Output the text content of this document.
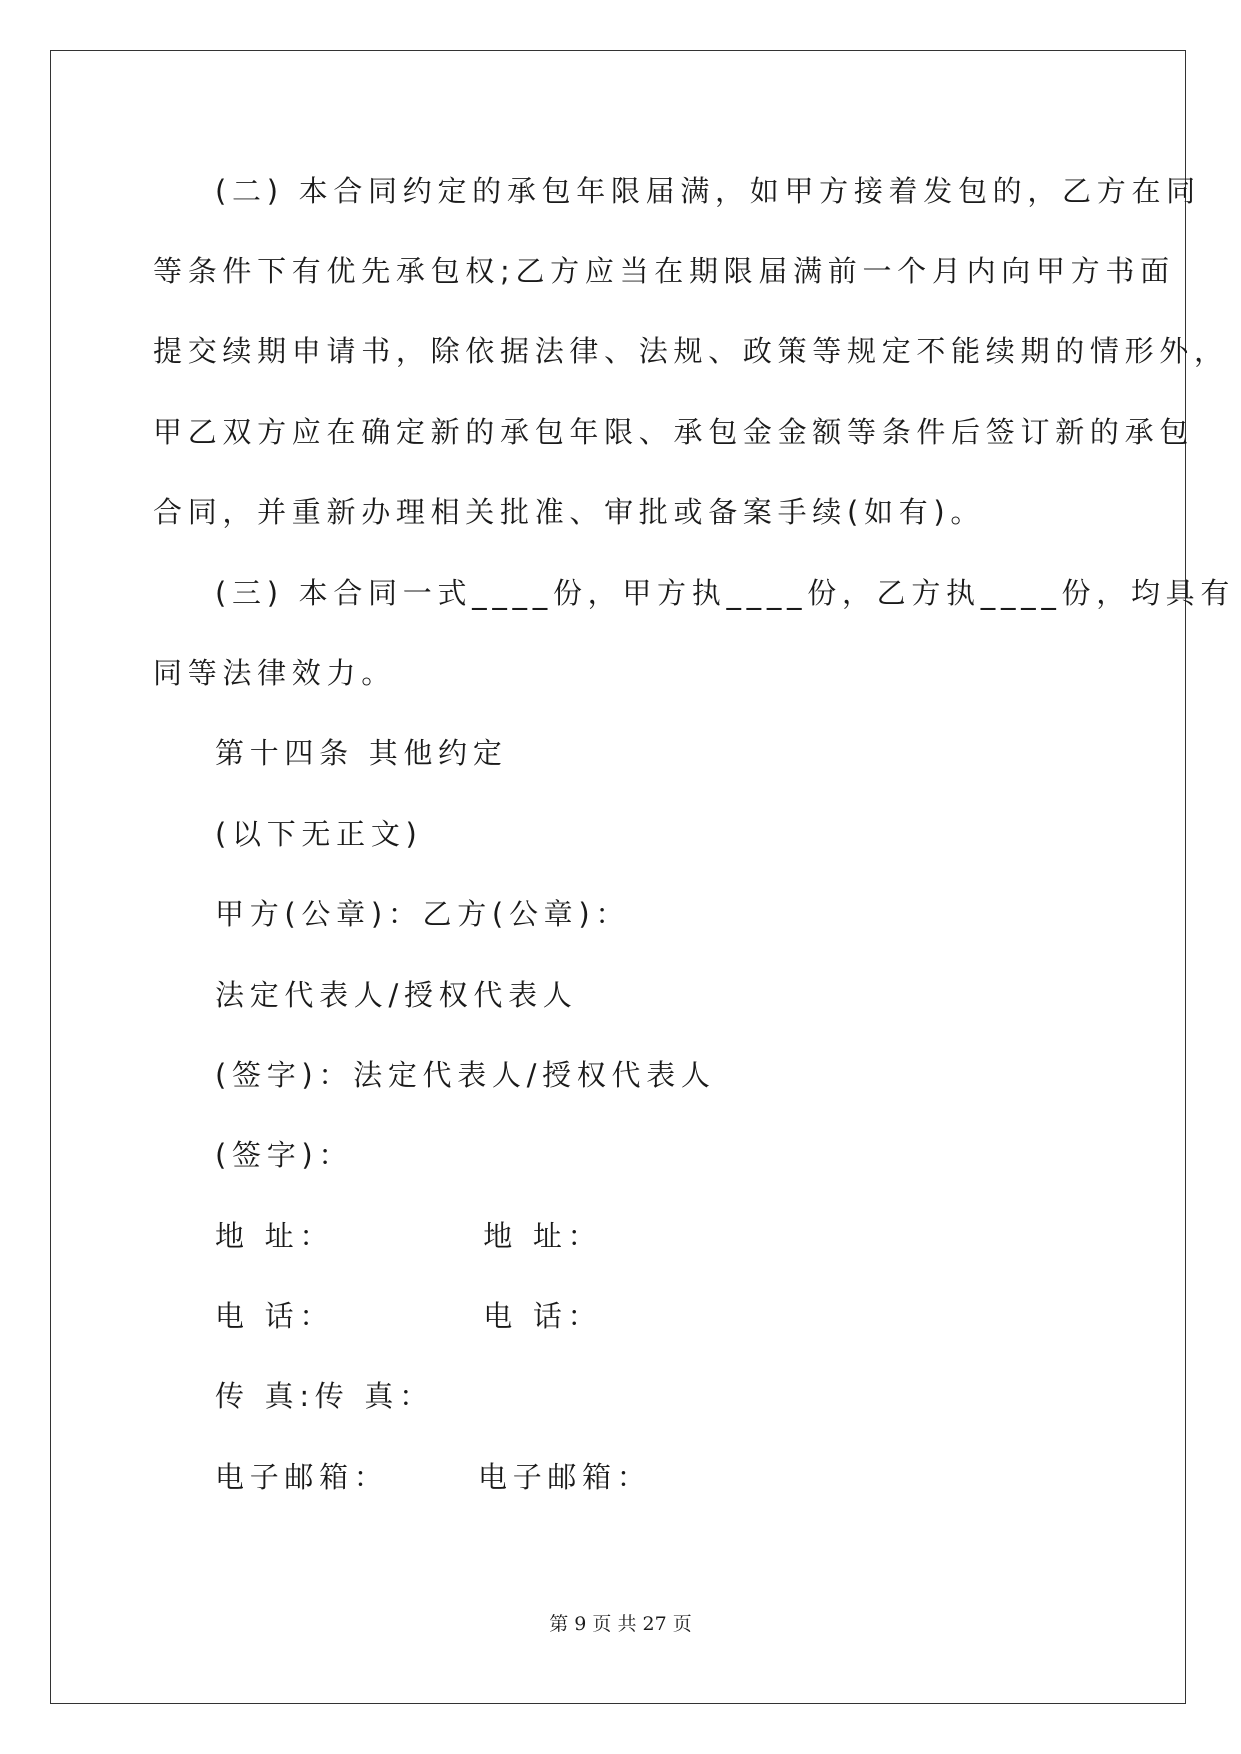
(二) 本合同约定的承包年限届满，如甲方接着发包的，乙方在同
等条件下有优先承包权;乙方应当在期限届满前一个月内向甲方书面
提交续期申请书，除依据法律、法规、政策等规定不能续期的情形外，
甲乙双方应在确定新的承包年限、承包金金额等条件后签订新的承包
合同，并重新办理相关批准、审批或备案手续(如有)。
(三) 本合同一式____份，甲方执____份，乙方执____份，均具有
同等法律效力。
第十四条 其他约定
(以下无正文)
甲方(公章)：乙方(公章)：
法定代表人/授权代表人
(签字)：法定代表人/授权代表人
(签字)：
地 址：          地 址：
电 话：          电 话：
传 真:传 真：
电子邮箱：      电子邮箱：
第 9 页 共 27 页
